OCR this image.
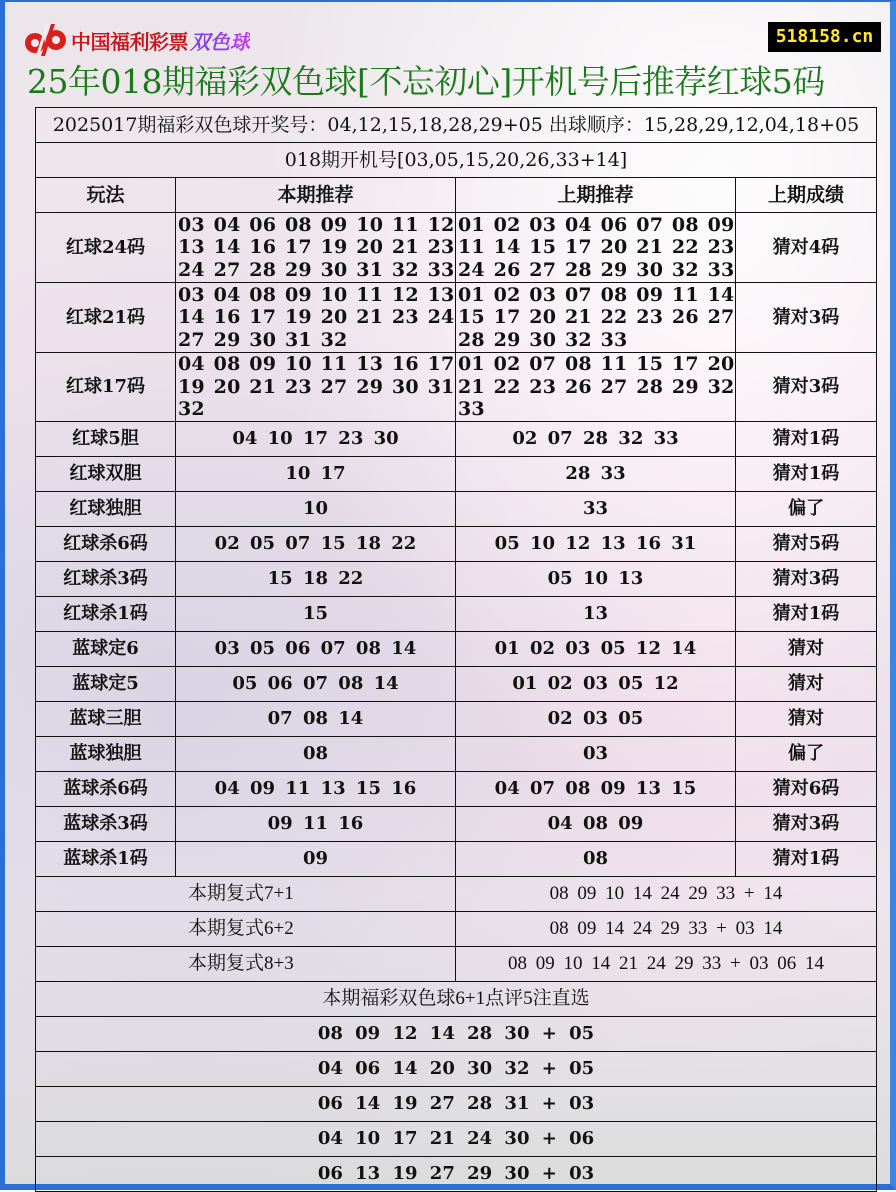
中国福利彩票 双色球	518158.cn
25年018期福彩双色球[不忘初心]开机号后推荐红球5码
2025017期福彩双色球开奖号：04,12,15,18,28,29+05 出球顺序：15,28,29,12,04,18+05			
018期开机号[03,05,15,20,26,33+14]			
玩法	本期推荐	上期推荐	上期成绩
红球24码	03 04 06 08 09 10 11 12 13 14 16 17 19 20 21 23 24 27 28 29 30 31 32 33	01 02 03 04 06 07 08 09 11 14 15 17 20 21 22 23 24 26 27 28 29 30 32 33	猜对4码
红球21码	03 04 08 09 10 11 12 13 14 16 17 19 20 21 23 24 27 29 30 31 32	01 02 03 07 08 09 11 14 15 17 20 21 22 23 26 27 28 29 30 32 33	猜对3码
红球17码	04 08 09 10 11 13 16 17 19 20 21 23 27 29 30 31 32	01 02 07 08 11 15 17 20 21 22 23 26 27 28 29 32 33	猜对3码
红球5胆	04 10 17 23 30	02 07 28 32 33	猜对1码
红球双胆	10 17	28 33	猜对1码
红球独胆	10	33	偏了
红球杀6码	02 05 07 15 18 22	05 10 12 13 16 31	猜对5码
红球杀3码	15 18 22	05 10 13	猜对3码
红球杀1码	15	13	猜对1码
蓝球定6	03 05 06 07 08 14	01 02 03 05 12 14	猜对
蓝球定5	05 06 07 08 14	01 02 03 05 12	猜对
蓝球三胆	07 08 14	02 03 05	猜对
蓝球独胆	08	03	偏了
蓝球杀6码	04 09 11 13 15 16	04 07 08 09 13 15	猜对6码
蓝球杀3码	09 11 16	04 08 09	猜对3码
蓝球杀1码	09	08	猜对1码
本期复式7+1		08 09 10 14 24 29 33 + 14	
本期复式6+2		08 09 14 24 29 33 + 03 14	
本期复式8+3		08 09 10 14 21 24 29 33 + 03 06 14	
本期福彩双色球6+1点评5注直选			
08 09 12 14 28 30 + 05			
04 06 14 20 30 32 + 05			
06 14 19 27 28 31 + 03			
04 10 17 21 24 30 + 06			
06 13 19 27 29 30 + 03			
